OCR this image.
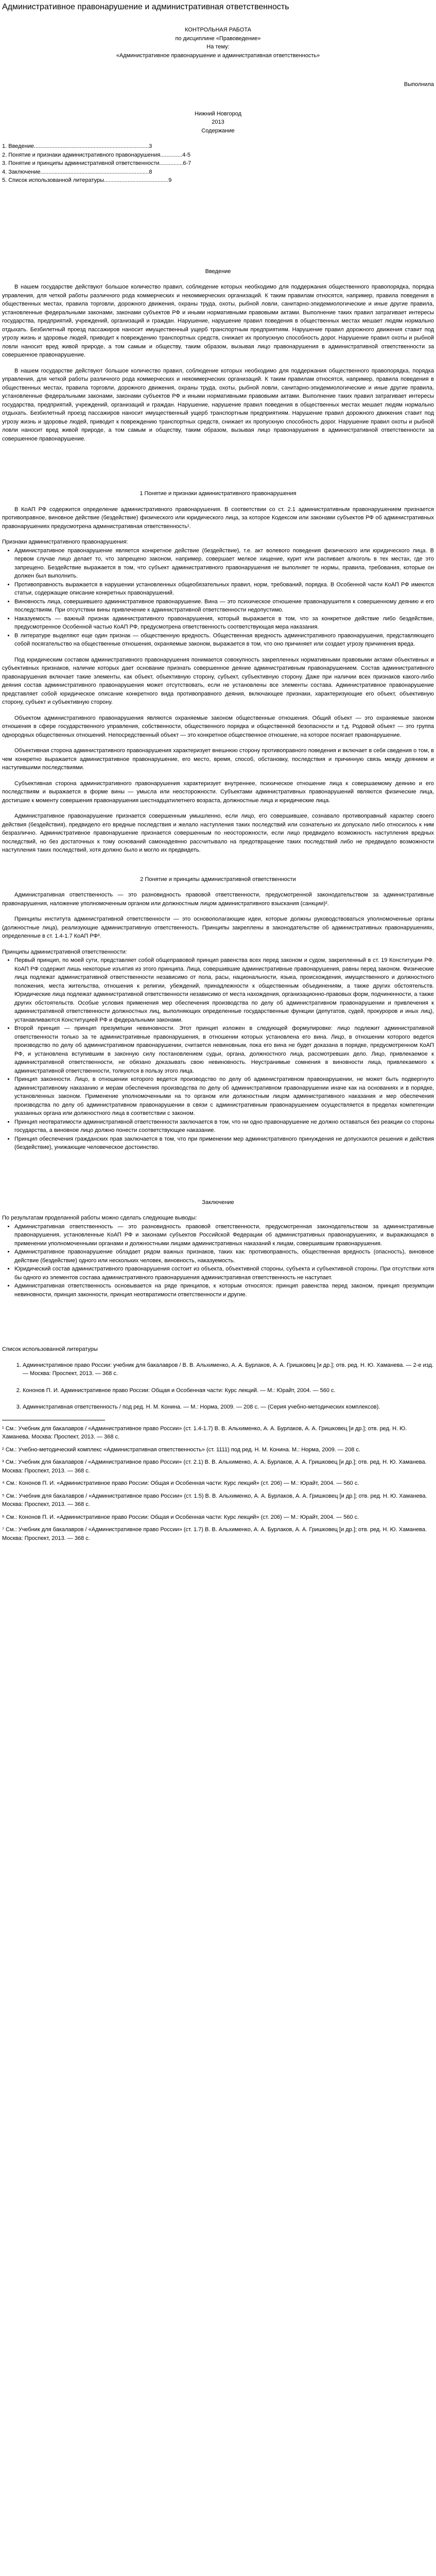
Административное правонарушение и административная ответственность

КОНТРОЛЬНАЯ РАБОТА

по дисциплине «Правоведение»

На тему:

«Административное правонарушение и административная ответственность»

Выполнила

Нижний Новгород

2013

Содержание

1. Введение.........................................................................3
2. Понятие и признаки административного правонарушения..............4-5
3. Понятие и принципы административной ответственности...............6-7
4. Заключение.....................................................................8
5. Список использованной литературы.........................................9

Введение

В нашем государстве действуют большое количество правил, соблюдение которых необходимо для поддержания общественного правопорядка, порядка управления, для четкой работы различного рода коммерческих и некоммерческих организаций. К таким правилам относятся, например, правила поведения в общественных местах, правила торговли, дорожного движения, охраны труда, охоты, рыбной ловли, санитарно-эпидемиологические и иные другие правила, установленные федеральными законами, законами субъектов РФ и иными нормативными правовыми актами. Выполнение таких правил затрагивает интересы государства, предприятий, учреждений, организаций и граждан. Нарушение, нарушение правил поведения в общественных местах мешает людям нормально отдыхать. Безбилетный проезд пассажиров наносит имущественный ущерб транспортным предприятиям. Нарушение правил дорожного движения ставит под угрозу жизнь и здоровье людей, приводит к повреждению транспортных средств, снижает их пропускную способность дорог. Нарушение правил охоты и рыбной ловли наносит вред живой природе, а том самым и обществу, таким образом, вызывая лицо правонарушения в административной ответственности за совершенное правонарушение.

В нашем государстве действуют большое количество правил, соблюдение которых необходимо для поддержания общественного правопорядка, порядка управления, для четкой работы различного рода коммерческих и некоммерческих организаций. К таким правилам относятся, например, правила поведения в общественных местах, правила торговли, дорожного движения, охраны труда, охоты, рыбной ловли, санитарно-эпидемиологические и иные другие правила, установленные федеральными законами, законами субъектов РФ и иными нормативными правовыми актами. Выполнение таких правил затрагивает интересы государства, предприятий, учреждений, организаций и граждан. Нарушение, нарушение правил поведения в общественных местах мешает людям нормально отдыхать. Безбилетный проезд пассажиров наносит имущественный ущерб транспортным предприятиям. Нарушение правил дорожного движения ставит под угрозу жизнь и здоровье людей, приводит к повреждению транспортных средств, снижает их пропускную способность дорог. Нарушение правил охоты и рыбной ловли наносит вред живой природе, а том самым и обществу, таким образом, вызывая лицо правонарушения в административной ответственности за совершенное правонарушение.

1 Понятие и признаки административного правонарушения

В КоАП РФ содержится определение административного правонарушения. В соответствии со ст. 2.1 административным правонарушением признается противоправное, виновное действие (бездействие) физического или юридического лица, за которое Кодексом или законами субъектов РФ об административных правонарушениях предусмотрена административная ответственность¹.

Признаки административного правонарушения:

• Административное правонарушение является конкретное действие (бездействие), т.е. акт волевого поведения физического или юридического лица. В первом случае лицо делает то, что запрещено законом, например, совершает мелкое хищение, курит или распивает алкоголь в тех местах, где это запрещено. Бездействие выражается в том, что субъект административного правонарушения не выполняет те нормы, правила, требования, которые он должен был выполнить.
• Противоправность выражается в нарушении установленных общеобязательных правил, норм, требований, порядка. В Особенной части КоАП РФ имеются статьи, содержащие описание конкретных правонарушений.
• Виновность лица, совершившего административное правонарушение. Вина — это психическое отношение правонарушителя к совершенному деянию и его последствиям. При отсутствии вины привлечение к административной ответственности недопустимо.
• Наказуемость — важный признак административного правонарушения, который выражается в том, что за конкретное действие либо бездействие, предусмотренное Особенной частью КоАП РФ, предусмотрена ответственность соответствующая мера наказания.
• В литературе выделяют еще один признак — общественную вредность. Общественная вредность административного правонарушения, представляющего собой посягательство на общественные отношения, охраняемые законом, выражается в том, что оно причиняет или создает угрозу причинения вреда.

Под юридическим составом административного правонарушения понимается совокупность закрепленных нормативными правовыми актами объективных и субъективных признаков, наличие которых дает основание признать совершенное деяние административным правонарушением. Состав административного правонарушения включает такие элементы, как объект, объективную сторону, субъект, субъективную сторону. Даже при наличии всех признаков какого-либо деяния состав административного правонарушения может отсутствовать, если не установлены все элементы состава. Административное правонарушение представляет собой юридическое описание конкретного вида противоправного деяния, включающее признаки, характеризующие его объект, объективную сторону, субъект и субъективную сторону.

Объектом административного правонарушения являются охраняемые законом общественные отношения. Общий объект — это охраняемые законом отношения в сфере государственного управления, собственности, общественного порядка и общественной безопасности и т.д. Родовой объект — это группа однородных общественных отношений. Непосредственный объект — это конкретное общественное отношение, на которое посягает правонарушение.

Объективная сторона административного правонарушения характеризует внешнюю сторону противоправного поведения и включает в себя сведения о том, в чем конкретно выражается административное правонарушение, его место, время, способ, обстановку, последствия и причинную связь между деянием и наступившими последствиями.

Субъективная сторона административного правонарушения характеризует внутреннее, психическое отношение лица к совершаемому деянию и его последствиям и выражается в форме вины — умысла или неосторожности. Субъектами административных правонарушений являются физические лица, достигшие к моменту совершения правонарушения шестнадцатилетнего возраста, должностные лица и юридические лица.

Административное правонарушение признается совершенным умышленно, если лицо, его совершившее, сознавало противоправный характер своего действия (бездействия), предвидело его вредные последствия и желало наступления таких последствий или сознательно их допускало либо относилось к ним безразлично. Административное правонарушение признается совершенным по неосторожности, если лицо предвидело возможность наступления вредных последствий, но без достаточных к тому оснований самонадеянно рассчитывало на предотвращение таких последствий либо не предвидело возможности наступления таких последствий, хотя должно было и могло их предвидеть.

2 Понятие и принципы административной ответственности

Административная ответственность — это разновидность правовой ответственности, предусмотренной законодательством за административные правонарушения, наложение уполномоченным органом или должностным лицом административного взыскания (санкции)².

Принципы института административной ответственности — это основополагающие идеи, которые должны руководствоваться уполномоченные органы (должностные лица), реализующие административную ответственность. Принципы закреплены в законодательстве об административных правонарушениях, определенные в ст. 1.4-1.7 КоАП РФ³.

Принципы административной ответственности:

• Первый принцип, по моей сути, представляет собой общеправовой принцип равенства всех перед законом и судом, закрепленный в ст. 19 Конституции РФ. КоАП РФ содержит лишь некоторые изъятия из этого принципа. Лица, совершившие административные правонарушения, равны перед законом. Физические лица подлежат административной ответственности независимо от пола, расы, национальности, языка, происхождения, имущественного и должностного положения, места жительства, отношения к религии, убеждений, принадлежности к общественным объединениям, а также других обстоятельств. Юридические лица подлежат административной ответственности независимо от места нахождения, организационно-правовых форм, подчиненности, а также других обстоятельств. Особые условия применения мер обеспечения производства по делу об административном правонарушении и привлечения к административной ответственности должностных лиц, выполняющих определенные государственные функции (депутатов, судей, прокуроров и иных лиц), устанавливаются Конституцией РФ и федеральными законами.
• Второй принцип — принцип презумпции невиновности. Этот принцип изложен в следующей формулировке: лицо подлежит административной ответственности только за те административные правонарушения, в отношении которых установлена его вина. Лицо, в отношении которого ведется производство по делу об административном правонарушении, считается невиновным, пока его вина не будет доказана в порядке, предусмотренном КоАП РФ, и установлена вступившим в законную силу постановлением судьи, органа, должностного лица, рассмотревших дело. Лицо, привлекаемое к административной ответственности, не обязано доказывать свою невиновность. Неустранимые сомнения в виновности лица, привлекаемого к административной ответственности, толкуются в пользу этого лица.
• Принцип законности. Лицо, в отношении которого ведется производство по делу об административном правонарушении, не может быть подвергнуто административному наказанию и мерам обеспечения производства по делу об административном правонарушении иначе как на основаниях и в порядке, установленных законом. Применение уполномоченными на то органом или должностным лицом административного наказания и мер обеспечения производства по делу об административном правонарушении в связи с административным правонарушением осуществляется в пределах компетенции указанных органа или должностного лица в соответствии с законом.
• Принцип неотвратимости административной ответственности заключается в том, что ни одно правонарушение не должно оставаться без реакции со стороны государства, а виновное лицо должно понести соответствующее наказание.
• Принцип обеспечения гражданских прав заключается в том, что при применении мер административного принуждения не допускаются решения и действия (бездействие), унижающие человеческое достоинство.

Заключение

По результатам проделанной работы можно сделать следующие выводы:

• Административная ответственность — это разновидность правовой ответственности, предусмотренная законодательством за административные правонарушения, установленные КоАП РФ и законами субъектов Российской Федерации об административных правонарушениях, и выражающаяся в применении уполномоченными органами и должностными лицами административных наказаний к лицам, совершившим правонарушения.
• Административное правонарушение обладает рядом важных признаков, таких как: противоправность, общественная вредность (опасность), виновное действие (бездействие) одного или нескольких человек, виновность, наказуемость.
• Юридический состав административного правонарушения состоит из объекта, объективной стороны, субъекта и субъективной стороны. При отсутствии хотя бы одного из элементов состава административного правонарушения административная ответственность не наступает.
• Административная ответственность основывается на ряде принципов, к которым относятся: принцип равенства перед законом, принцип презумпции невиновности, принцип законности, принцип неотвратимости ответственности и другие.

Список использованной литературы

1. Административное право России: учебник для бакалавров / В. В. Альхименко, А. А. Бурлаков, А. А. Гришковец [и др.]; отв. ред. Н. Ю. Хаманева. — 2-е изд. — Москва: Проспект, 2013. — 368 с.
2. Кононов П. И. Административное право России: Общая и Особенная части: Курс лекций. — М.: Юрайт, 2004. — 560 с.
3. Административная ответственность / под ред. Н. М. Конина. — М.: Норма, 2009. — 208 с. — (Серия учебно-методических комплексов).

¹ См.: Учебник для бакалавров / «Административное право России» (ст. 1.4-1.7) В. В. Альхименко, А. А. Бурлаков, А. А. Гришковец [и др.]; отв. ред. Н. Ю. Хаманева. Москва: Проспект, 2013. — 368 с.

² См.: Учебно-методический комплекс «Административная ответственность» (ст. 1111) под ред. Н. М. Конина. М.: Норма, 2009. — 208 с.

³ См.: Учебник для бакалавров / «Административное право России» (ст. 2.1) В. В. Альхименко, А. А. Бурлаков, А. А. Гришковец [и др.]; отв. ред. Н. Ю. Хаманева. Москва: Проспект, 2013. — 368 с.

⁴ См.: Кононов П. И. «Административное право России: Общая и Особенная части: Курс лекций» (ст. 206) — М.: Юрайт, 2004. — 560 с.

⁵ См.: Учебник для бакалавров / «Административное право России» (ст. 1.5) В. В. Альхименко, А. А. Бурлаков, А. А. Гришковец [и др.]; отв. ред. Н. Ю. Хаманева. Москва: Проспект, 2013. — 368 с.

⁶ См.: Кононов П. И. «Административное право России: Общая и Особенная части: Курс лекций» (ст. 206) — М.: Юрайт, 2004. — 560 с.

⁷ См.: Учебник для бакалавров / «Административное право России» (ст. 1.7) В. В. Альхименко, А. А. Бурлаков, А. А. Гришковец [и др.]; отв. ред. Н. Ю. Хаманева. Москва: Проспект, 2013. — 368 с.
